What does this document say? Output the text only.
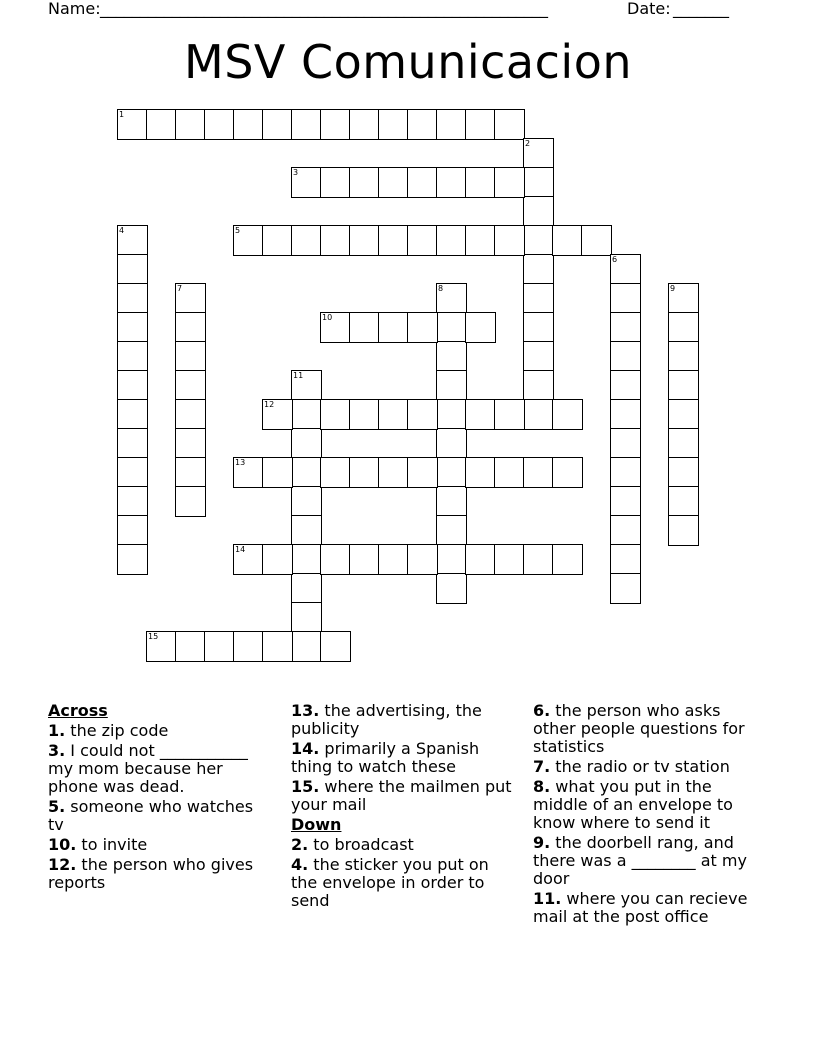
Name: ________________________________________________________	Date: _______
MSV Comunicacion
1
2
3
4	5
6
7	8	9
10
11
12
13
14
15
Across
1. the zip code
3. I could not ___________ my mom because her phone was dead.
5. someone who watches tv
10. to invite
12. the person who gives reports
13. the advertising, the publicity
14. primarily a Spanish thing to watch these
15. where the mailmen put your mail
Down
2. to broadcast
4. the sticker you put on the envelope in order to send
6. the person who asks other people questions for statistics
7. the radio or tv station
8. what you put in the middle of an envelope to know where to send it
9. the doorbell rang, and there was a ________ at my door
11. where you can recieve mail at the post office
